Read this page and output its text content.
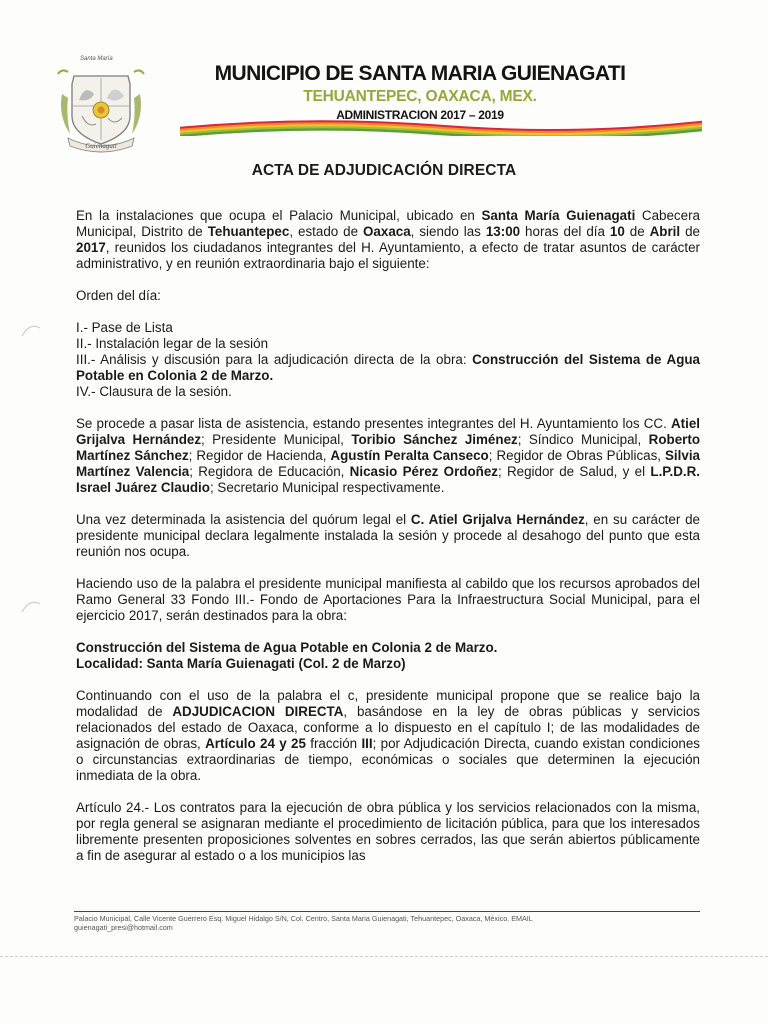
Guienagati
Santa María
MUNICIPIO DE SANTA MARIA GUIENAGATI
TEHUANTEPEC, OAXACA, MEX.
ADMINISTRACION 2017 – 2019
ACTA DE ADJUDICACIÓN DIRECTA

En la instalaciones que ocupa el Palacio Municipal, ubicado en Santa María Guienagati Cabecera Municipal, Distrito de Tehuantepec, estado de Oaxaca, siendo las 13:00 horas del día 10 de Abril de 2017, reunidos los ciudadanos integrantes del H. Ayuntamiento, a efecto de tratar asuntos de carácter administrativo, y en reunión extraordinaria bajo el siguiente:

Orden del día:

I.- Pase de Lista

II.- Instalación legar de la sesión

III.- Análisis y discusión para la adjudicación directa de la obra: Construcción del Sistema de Agua Potable en Colonia 2 de Marzo.

IV.- Clausura de la sesión.

Se procede a pasar lista de asistencia, estando presentes integrantes del H. Ayuntamiento los CC. Atiel Grijalva Hernández; Presidente Municipal, Toribio Sánchez Jiménez; Síndico Municipal, Roberto Martínez Sánchez; Regidor de Hacienda, Agustín Peralta Canseco; Regidor de Obras Públicas, Silvia Martínez Valencia; Regidora de Educación, Nicasio Pérez Ordoñez; Regidor de Salud, y el L.P.D.R. Israel Juárez Claudio; Secretario Municipal respectivamente.

Una vez determinada la asistencia del quórum legal el C. Atiel Grijalva Hernández, en su carácter de presidente municipal declara legalmente instalada la sesión y procede al desahogo del punto que esta reunión nos ocupa.

Haciendo uso de la palabra el presidente municipal manifiesta al cabildo que los recursos aprobados del Ramo General 33 Fondo III.- Fondo de Aportaciones Para la Infraestructura Social Municipal, para el ejercicio 2017, serán destinados para la obra:

Construcción del Sistema de Agua Potable en Colonia 2 de Marzo.

Localidad: Santa María Guienagati (Col. 2 de Marzo)

Continuando con el uso de la palabra el c, presidente municipal propone que se realice bajo la modalidad de ADJUDICACION DIRECTA, basándose en la ley de obras públicas y servicios relacionados del estado de Oaxaca, conforme a lo dispuesto en el capítulo I; de las modalidades de asignación de obras, Artículo 24 y 25 fracción III; por Adjudicación Directa, cuando existan condiciones o circunstancias extraordinarias de tiempo, económicas o sociales que determinen la ejecución inmediata de la obra.

Artículo 24.- Los contratos para la ejecución de obra pública y los servicios relacionados con la misma, por regla general se asignaran mediante el procedimiento de licitación pública, para que los interesados libremente presenten proposiciones solventes en sobres cerrados, las que serán abiertos públicamente a fin de asegurar al estado o a los municipios las

Palacio Municipal, Calle Vicente Guerrero Esq. Miguel Hidalgo S/N, Col. Centro, Santa Maria Guienagati, Tehuantepec, Oaxaca, México. EMAIL
guienagati_presi@hotmail.com
